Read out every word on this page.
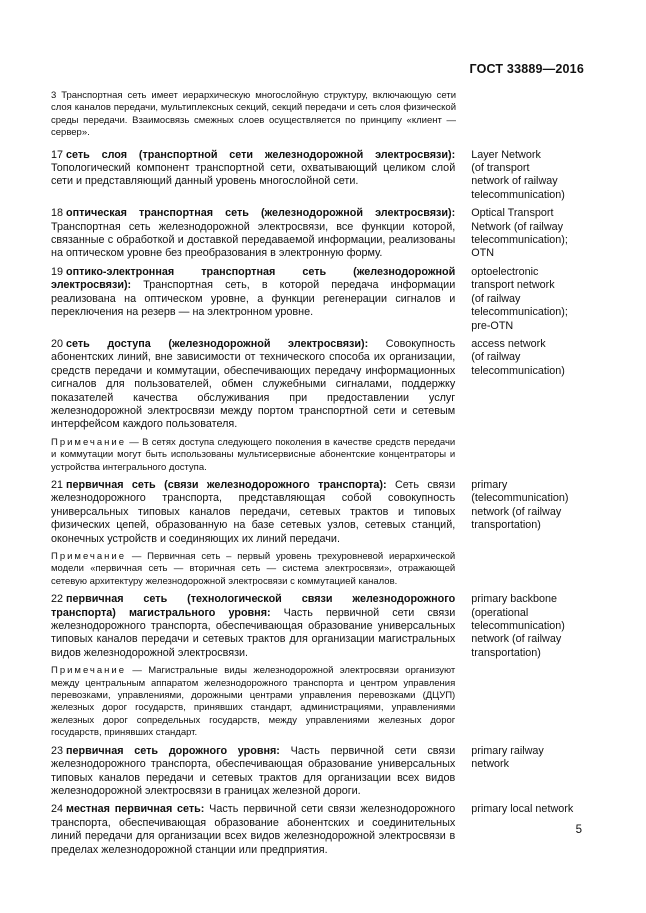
ГОСТ 33889—2016
3 Транспортная сеть имеет иерархическую многослойную структуру, включающую сети слоя каналов передачи, мультиплексных секций, секций передачи и сеть слоя физической среды передачи. Взаимосвязь смежных слоев осуществляется по принципу «клиент — сервер».
17 сеть слоя (транспортной сети железнодорожной электросвязи): Топологический компонент транспортной сети, охватывающий целиком слой сети и представляющий данный уровень многослойной сети.
Layer Network
(of transport
network of railway
telecommunication)
18 оптическая транспортная сеть (железнодорожной электросвязи): Транспортная сеть железнодорожной электросвязи, все функции которой, связанные с обработкой и доставкой передаваемой информации, реализованы на оптическом уровне без преобразования в электронную форму.
Optical Transport
Network (of railway
telecommunication);
OTN
19 оптико-электронная транспортная сеть (железнодорожной электросвязи): Транспортная сеть, в которой передача информации реализована на оптическом уровне, а функции регенерации сигналов и переключения на резерв — на электронном уровне.
optoelectronic
transport network
(of railway
telecommunication);
pre-OTN
20 сеть доступа (железнодорожной электросвязи): Совокупность абонентских линий, вне зависимости от технического способа их организации, средств передачи и коммутации, обеспечивающих передачу информационных сигналов для пользователей, обмен служебными сигналами, поддержку показателей качества обслуживания при предоставлении услуг железнодорожной электросвязи между портом транспортной сети и сетевым интерфейсом каждого пользователя.
Примечание — В сетях доступа следующего поколения в качестве средств передачи и коммутации могут быть использованы мультисервисные абонентские концентраторы и устройства интегрального доступа.
access network
(of railway
telecommunication)
21 первичная сеть (связи железнодорожного транспорта): Сеть связи железнодорожного транспорта, представляющая собой совокупность универсальных типовых каналов передачи, сетевых трактов и типовых физических цепей, образованную на базе сетевых узлов, сетевых станций, оконечных устройств и соединяющих их линий передачи.
Примечание — Первичная сеть – первый уровень трехуровневой иерархической модели «первичная сеть — вторичная сеть — система электросвязи», отражающей сетевую архитектуру железнодорожной электросвязи с коммутацией каналов.
primary
(telecommunication)
network (of railway
transportation)
22 первичная сеть (технологической связи железнодорожного транспорта) магистрального уровня: Часть первичной сети связи железнодорожного транспорта, обеспечивающая образование универсальных типовых каналов передачи и сетевых трактов для организации магистральных видов железнодорожной электросвязи.
Примечание — Магистральные виды железнодорожной электросвязи организуют между центральным аппаратом железнодорожного транспорта и центром управления перевозками, управлениями, дорожными центрами управления перевозками (ДЦУП) железных дорог государств, принявших стандарт, администрациями, управлениями железных дорог сопредельных государств, между управлениями железных дорог государств, принявших стандарт.
primary backbone
(operational
telecommunication)
network (of railway
transportation)
23 первичная сеть дорожного уровня: Часть первичной сети связи железнодорожного транспорта, обеспечивающая образование универсальных типовых каналов передачи и сетевых трактов для организации всех видов железнодорожной электросвязи в границах железной дороги.
primary railway
network
24 местная первичная сеть: Часть первичной сети связи железнодорожного транспорта, обеспечивающая образование абонентских и соединительных линий передачи для организации всех видов железнодорожной электросвязи в пределах железнодорожной станции или предприятия.
primary local network
5
